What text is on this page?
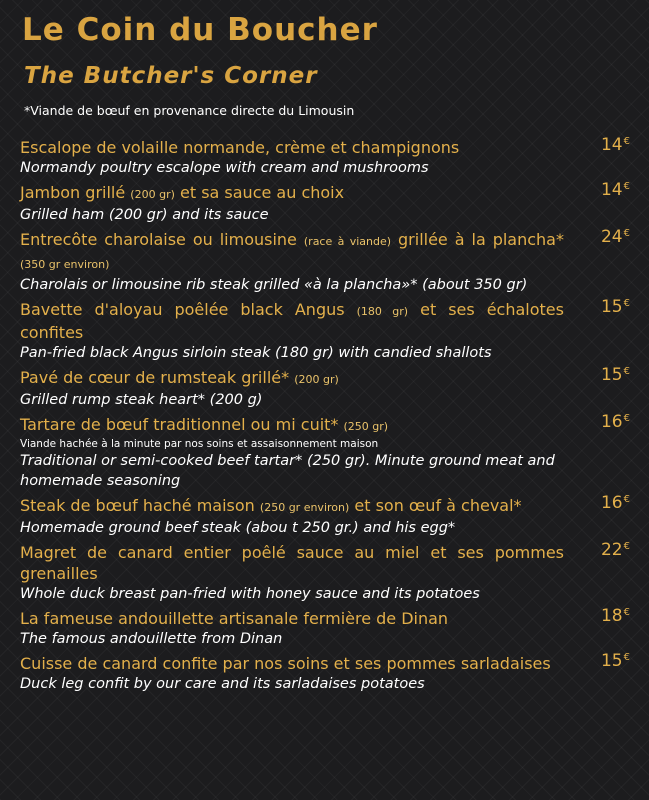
Le Coin du Boucher
The Butcher's Corner
*Viande de bœuf en provenance directe du Limousin
Escalope de volaille normande, crème et champignons
Normandy poultry escalope with cream and mushrooms
14€
Jambon grillé (200 gr) et sa sauce au choix
Grilled ham (200 gr) and its sauce
14€
Entrecôte charolaise ou limousine (race à viande) grillée à la plancha* (350 gr environ)
Charolais or limousine rib steak grilled «à la plancha»* (about 350 gr)
24€
Bavette d'aloyau poêlée black Angus (180 gr) et ses échalotes confites
Pan-fried black Angus sirloin steak (180 gr) with candied shallots
15€
Pavé de cœur de rumsteak grillé* (200 gr)
Grilled rump steak heart* (200 g)
15€
Tartare de bœuf traditionnel ou mi cuit* (250 gr)
Viande hachée à la minute par nos soins et assaisonnement maison
Traditional or semi-cooked beef tartar* (250 gr). Minute ground meat and homemade seasoning
16€
Steak de bœuf haché maison (250 gr environ) et son œuf à cheval*
Homemade ground beef steak (abou t 250 gr.) and his egg*
16€
Magret de canard entier poêlé sauce au miel et ses pommes grenailles
Whole duck breast pan-fried with honey sauce and its potatoes
22€
La fameuse andouillette artisanale fermière de Dinan
The famous andouillette from Dinan
18€
Cuisse de canard confite par nos soins et ses pommes sarladaises
Duck leg confit by our care and its sarladaises potatoes
15€
